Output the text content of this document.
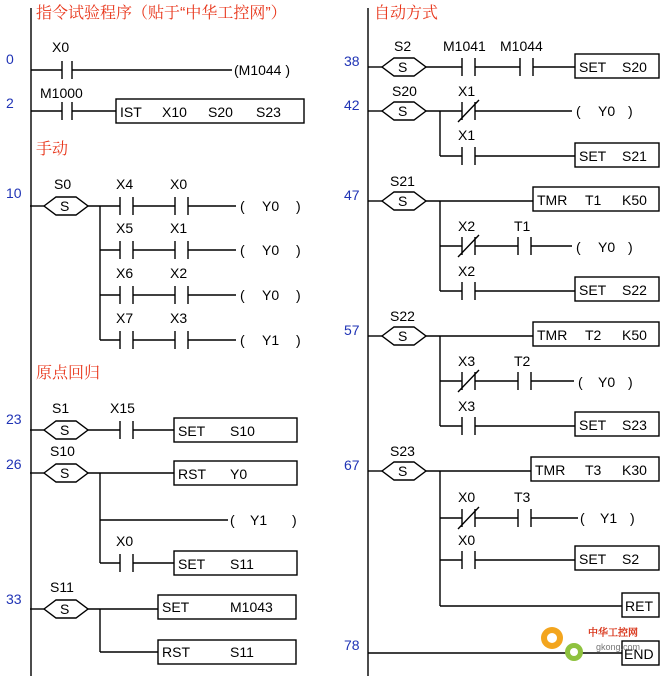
指令试验程序（贴于“中华工控网”）	自动方式
手动
原点回归
0
2
10
23
26
33
38
42
47
57
67
78
X0
(M1044 )
M1000
IST X10 S20 S23
S0
S
X4	X0
( Y0 )
X5	X1
( Y0 )
X6	X2
( Y0 )
X7	X3
( Y1 )
S1
S
X15
SET S10
S10
S	RST Y0
( Y1 )
X0
SET S11
S11
S	SET	M1043
RST	S11
S2
S
M1041 M1044
SET S20
S20
S
X1
( Y0 )
X1
SET S21
S21
S	TMR T1 K50
X2	T1
( Y0 )
X2
SET S22
S22
S	TMR T2 K50
X3	T2
( Y0 )
X3
SET S23
S23
S	TMR T3 K30
X0	T3
( Y1 )
X0
SET S2
RET
END
中华工控网
gkong.com
